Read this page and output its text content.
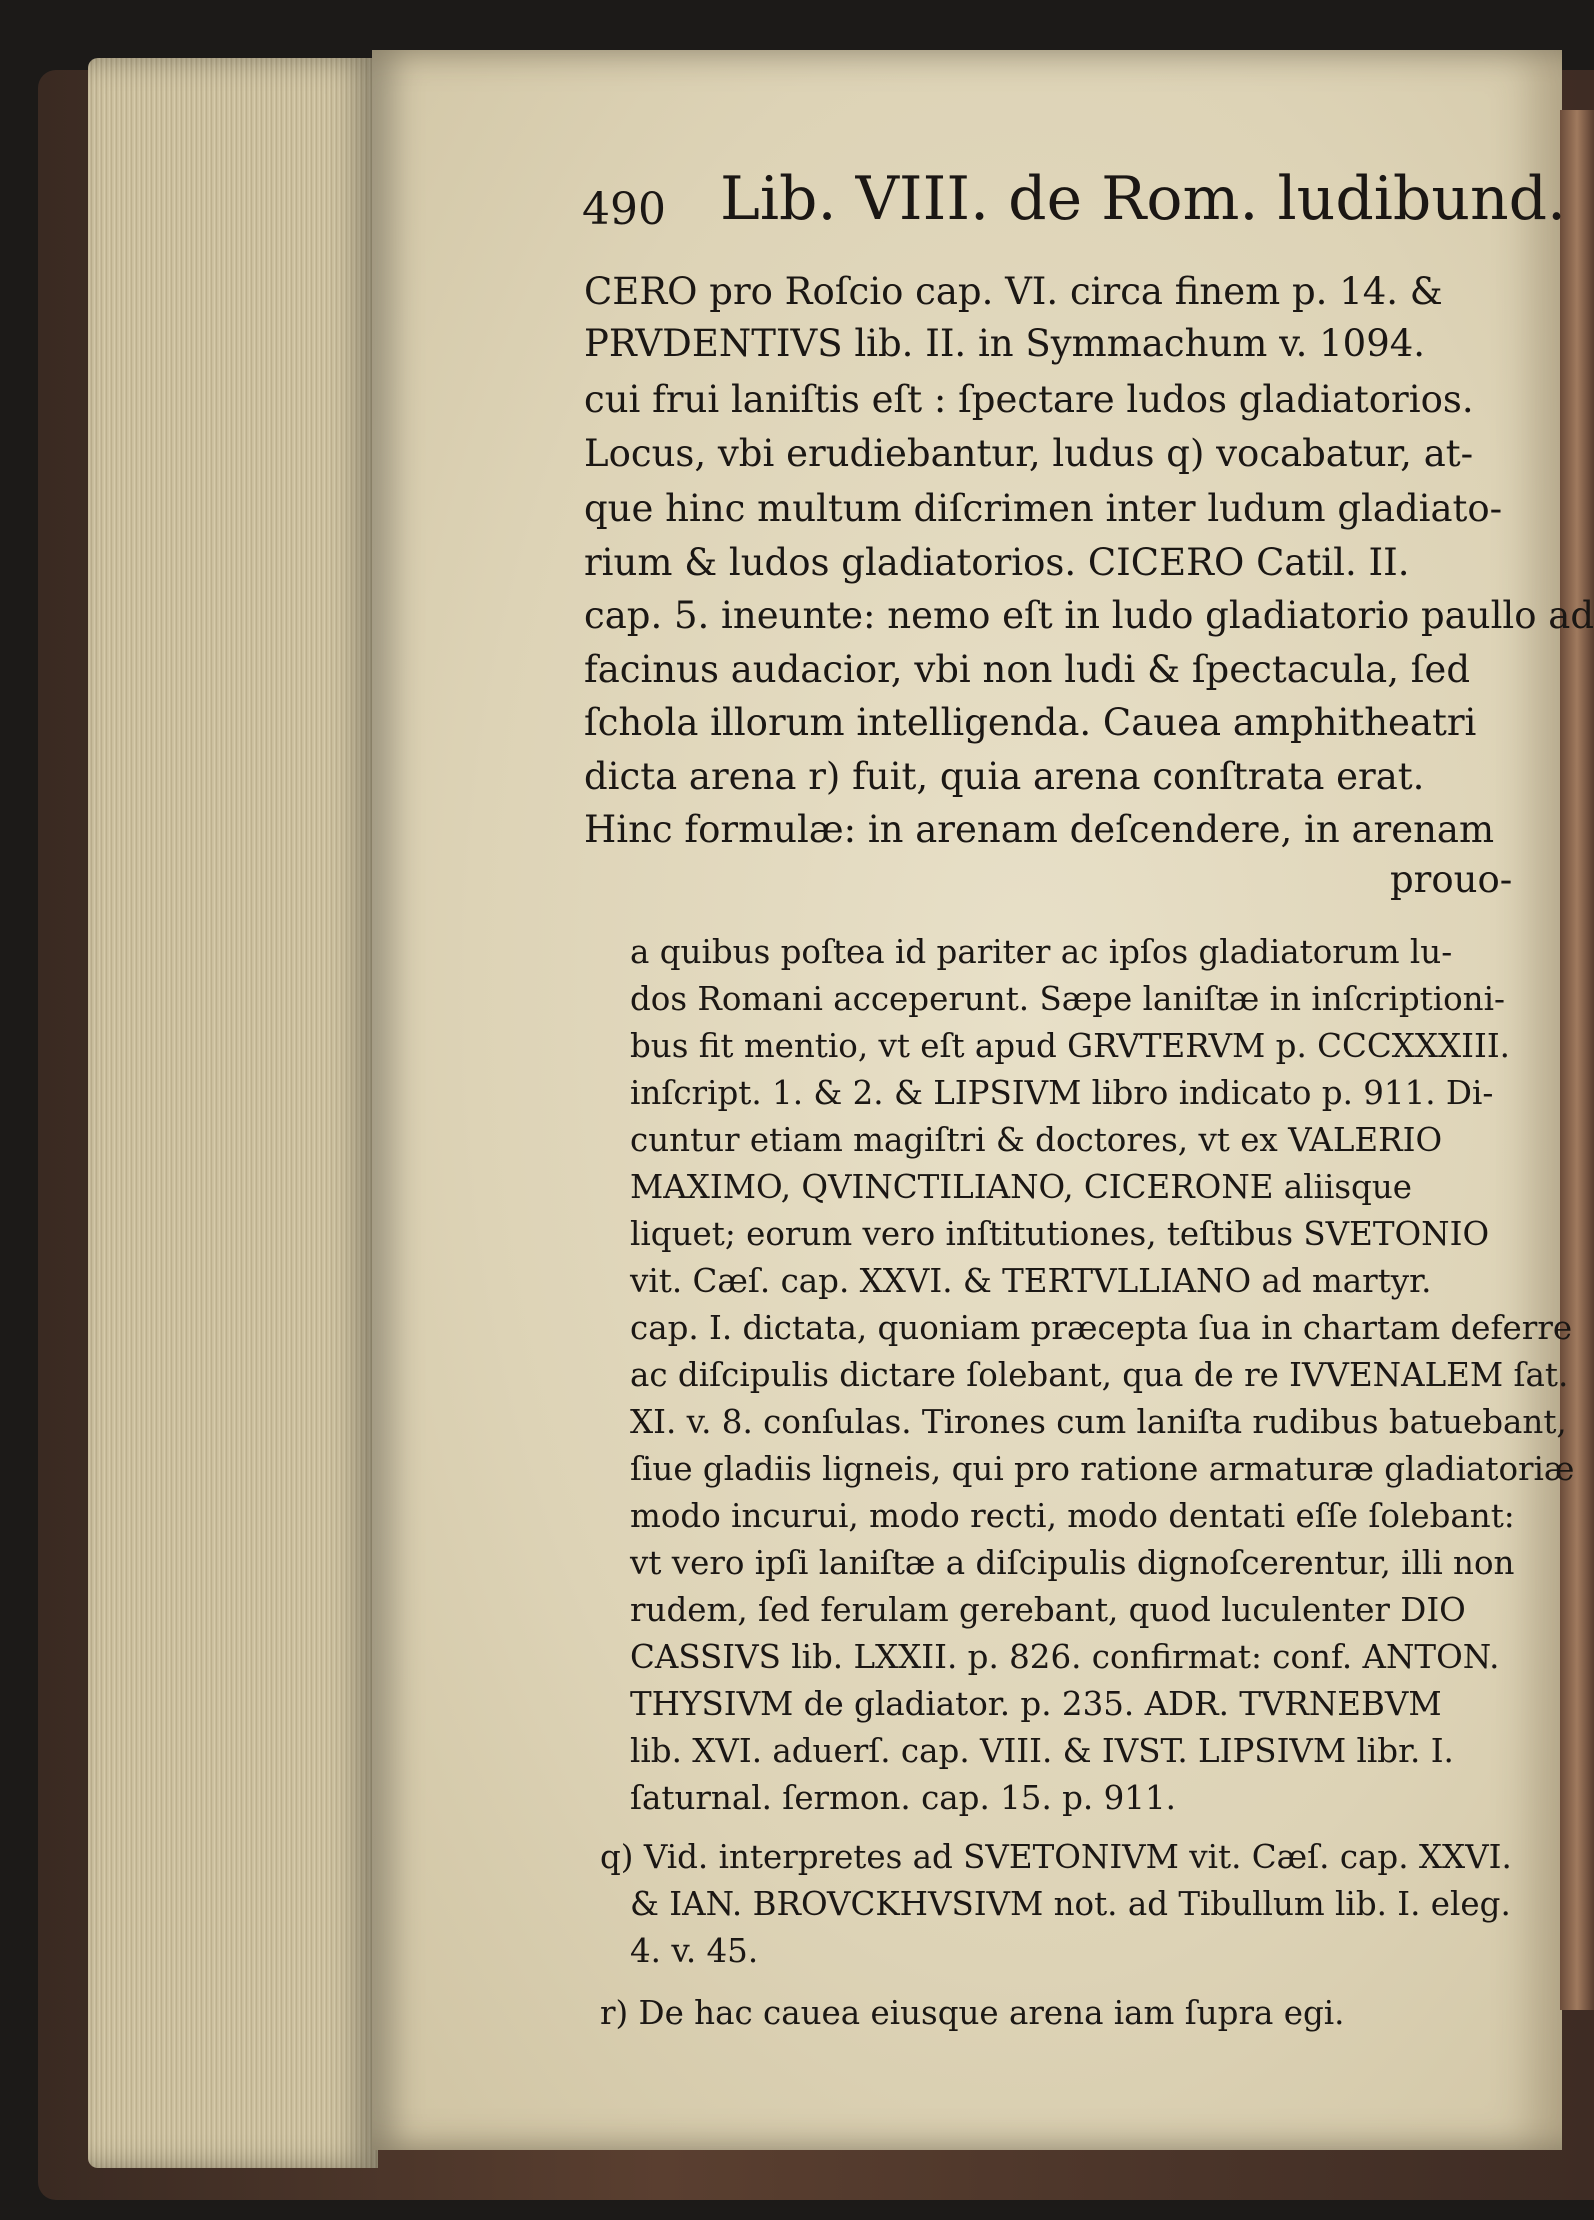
490 Lib. VIII. de Rom. ludibund.
CERO pro Roſcio cap. VI. circa finem p. 14. &
PRVDENTIVS lib. II. in Symmachum v. 1094.
cui frui laniſtis eſt : ſpectare ludos gladiatorios.
Locus, vbi erudiebantur, ludus q) vocabatur, at-
que hinc multum diſcrimen inter ludum gladiato-
rium & ludos gladiatorios. CICERO Catil. II.
cap. 5. ineunte: nemo eſt in ludo gladiatorio paullo ad
facinus audacior, vbi non ludi & ſpectacula, ſed
ſchola illorum intelligenda. Cauea amphitheatri
dicta arena r) fuit, quia arena conſtrata erat.
Hinc formulæ: in arenam deſcendere, in arenam
prouo-
a quibus poſtea id pariter ac ipſos gladiatorum lu-
dos Romani acceperunt. Sæpe laniſtæ in inſcriptioni-
bus fit mentio, vt eſt apud GRVTERVM p. CCCXXXIII.
inſcript. 1. & 2. & LIPSIVM libro indicato p. 911. Di-
cuntur etiam magiſtri & doctores, vt ex VALERIO
MAXIMO, QVINCTILIANO, CICERONE aliisque
liquet; eorum vero inſtitutiones, teſtibus SVETONIO
vit. Cæſ. cap. XXVI. & TERTVLLIANO ad martyr.
cap. I. dictata, quoniam præcepta ſua in chartam deferre
ac diſcipulis dictare ſolebant, qua de re IVVENALEM ſat.
XI. v. 8. conſulas. Tirones cum laniſta rudibus batuebant,
ſiue gladiis ligneis, qui pro ratione armaturæ gladiatoriæ
modo incurui, modo recti, modo dentati eſſe ſolebant:
vt vero ipſi laniſtæ a diſcipulis dignoſcerentur, illi non
rudem, ſed ferulam gerebant, quod luculenter DIO
CASSIVS lib. LXXII. p. 826. confirmat: conf. ANTON.
THYSIVM de gladiator. p. 235. ADR. TVRNEBVM
lib. XVI. aduerſ. cap. VIII. & IVST. LIPSIVM libr. I.
ſaturnal. ſermon. cap. 15. p. 911.
q) Vid. interpretes ad SVETONIVM vit. Cæſ. cap. XXVI.
& IAN. BROVCKHVSIVM not. ad Tibullum lib. I. eleg.
4. v. 45.
r) De hac cauea eiusque arena iam ſupra egi.
